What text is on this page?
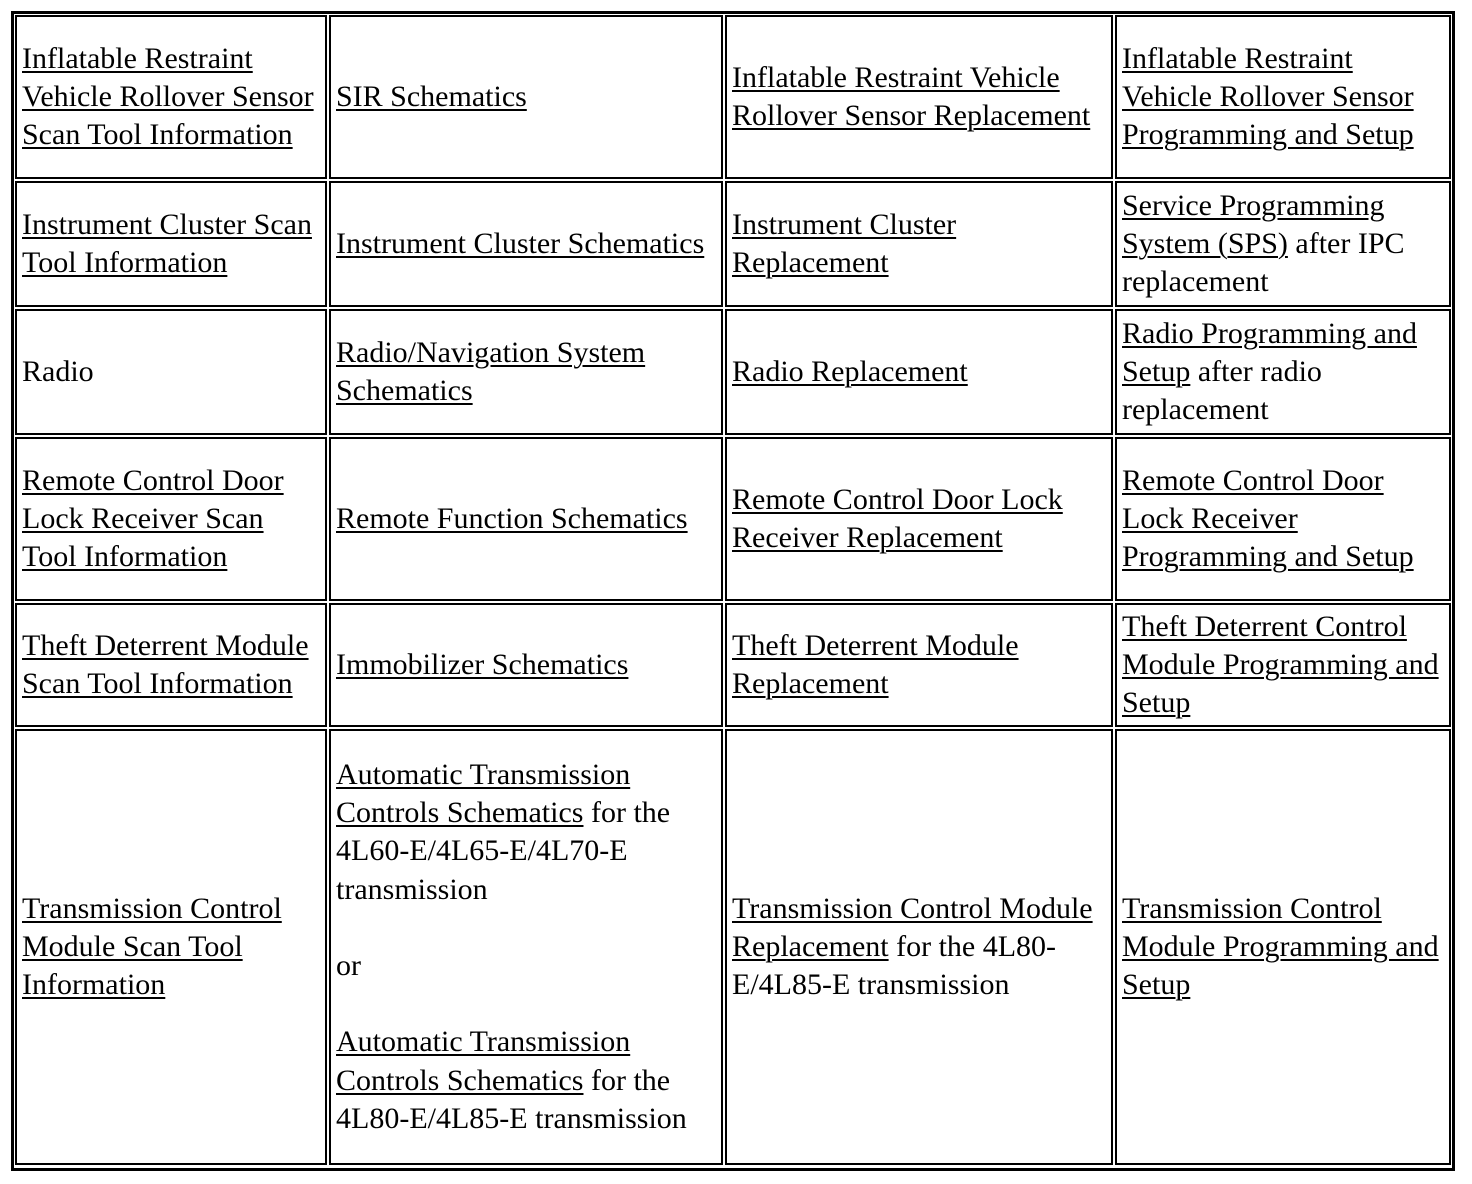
Inflatable Restraint Vehicle Rollover Sensor Scan Tool Information
SIR Schematics
Inflatable Restraint Vehicle Rollover Sensor Replacement
Inflatable Restraint Vehicle Rollover Sensor Programming and Setup
Instrument Cluster Scan Tool Information
Instrument Cluster Schematics
Instrument Cluster Replacement
Service Programming System (SPS) after IPC replacement
Radio
Radio/Navigation System Schematics
Radio Replacement
Radio Programming and Setup after radio replacement
Remote Control Door Lock Receiver Scan Tool Information
Remote Function Schematics
Remote Control Door Lock Receiver Replacement
Remote Control Door Lock Receiver Programming and Setup
Theft Deterrent Module Scan Tool Information
Immobilizer Schematics
Theft Deterrent Module Replacement
Theft Deterrent Control Module Programming and Setup
Transmission Control Module Scan Tool Information
Automatic Transmission Controls Schematics for the 4L60-E/4L65-E/4L70-E transmission
or
Automatic Transmission Controls Schematics for the 4L80-E/4L85-E transmission
Transmission Control Module Replacement for the 4L80-E/4L85-E transmission
Transmission Control Module Programming and Setup
